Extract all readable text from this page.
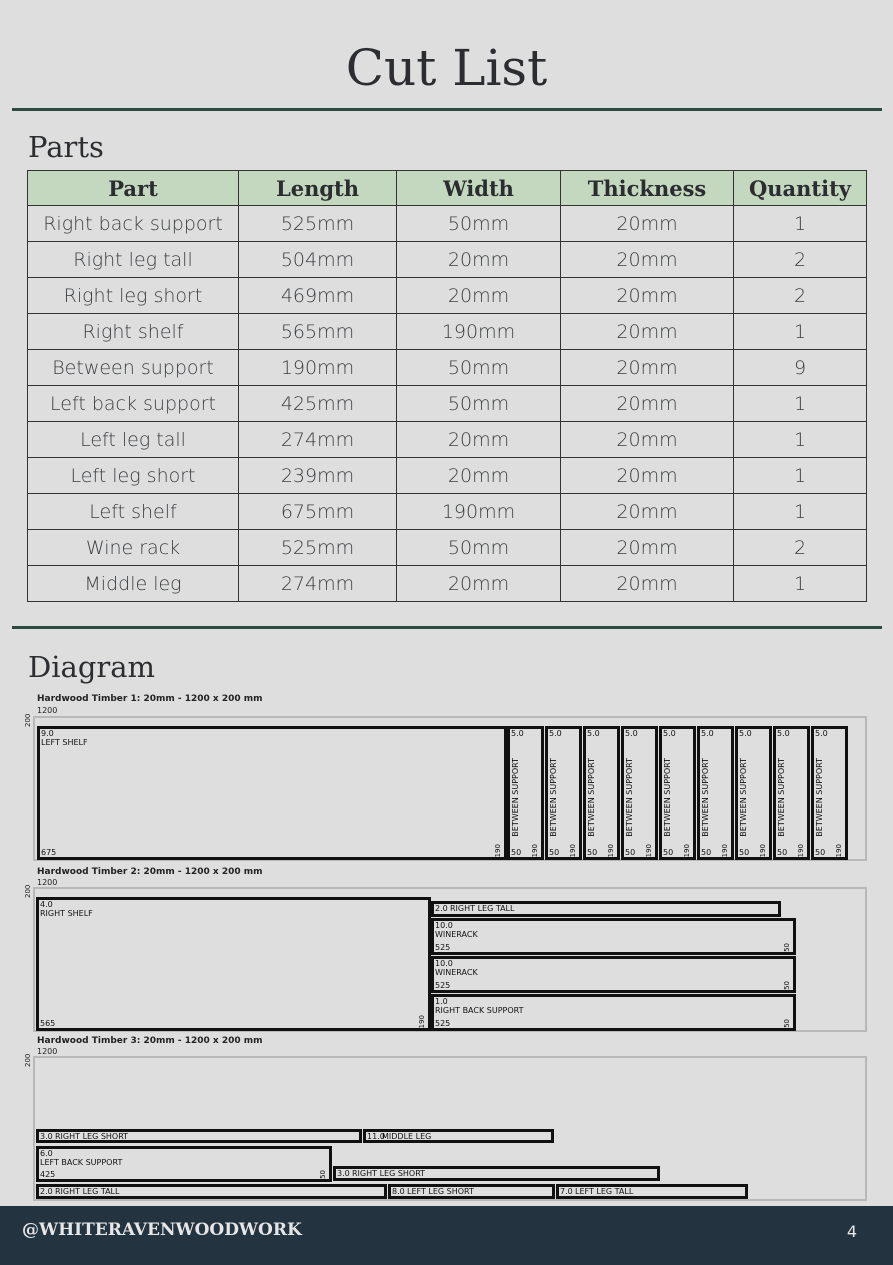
Cut List
Parts
Part	Length	Width	Thickness	Quantity
Right back support	525mm	50mm	20mm	1
Right leg tall	504mm	20mm	20mm	2
Right leg short	469mm	20mm	20mm	2
Right shelf	565mm	190mm	20mm	1
Between support	190mm	50mm	20mm	9
Left back support	425mm	50mm	20mm	1
Left leg tall	274mm	20mm	20mm	1
Left leg short	239mm	20mm	20mm	1
Left shelf	675mm	190mm	20mm	1
Wine rack	525mm	50mm	20mm	2
Middle leg	274mm	20mm	20mm	1
Diagram
Hardwood Timber 1: 20mm - 1200 x 200 mm
1200
200
9.0
LEFT SHELF
675	190
5.0
BETWEEN SUPPORT
50 190
5.0
BETWEEN SUPPORT
50 190
5.0
BETWEEN SUPPORT
50 190
5.0
BETWEEN SUPPORT
50 190
5.0
BETWEEN SUPPORT
50 190
5.0
BETWEEN SUPPORT
50 190
5.0
BETWEEN SUPPORT
50 190
5.0
BETWEEN SUPPORT
50 190
5.0
BETWEEN SUPPORT
50 190
Hardwood Timber 2: 20mm - 1200 x 200 mm
1200
200
4.0
RIGHT SHELF
565	190
2.0 RIGHT LEG TALL
10.0
WINERACK
525	50
10.0
WINERACK
525	50
1.0
RIGHT BACK SUPPORT
525	50
Hardwood Timber 3: 20mm - 1200 x 200 mm
1200
200
3.0 RIGHT LEG SHORT	11.0
MIDDLE LEG
6.0
LEFT BACK SUPPORT
425	50 3.0 RIGHT LEG SHORT
2.0 RIGHT LEG TALL	8.0 LEFT LEG SHORT	7.0 LEFT LEG TALL
@WHITERAVENWOODWORK	4
